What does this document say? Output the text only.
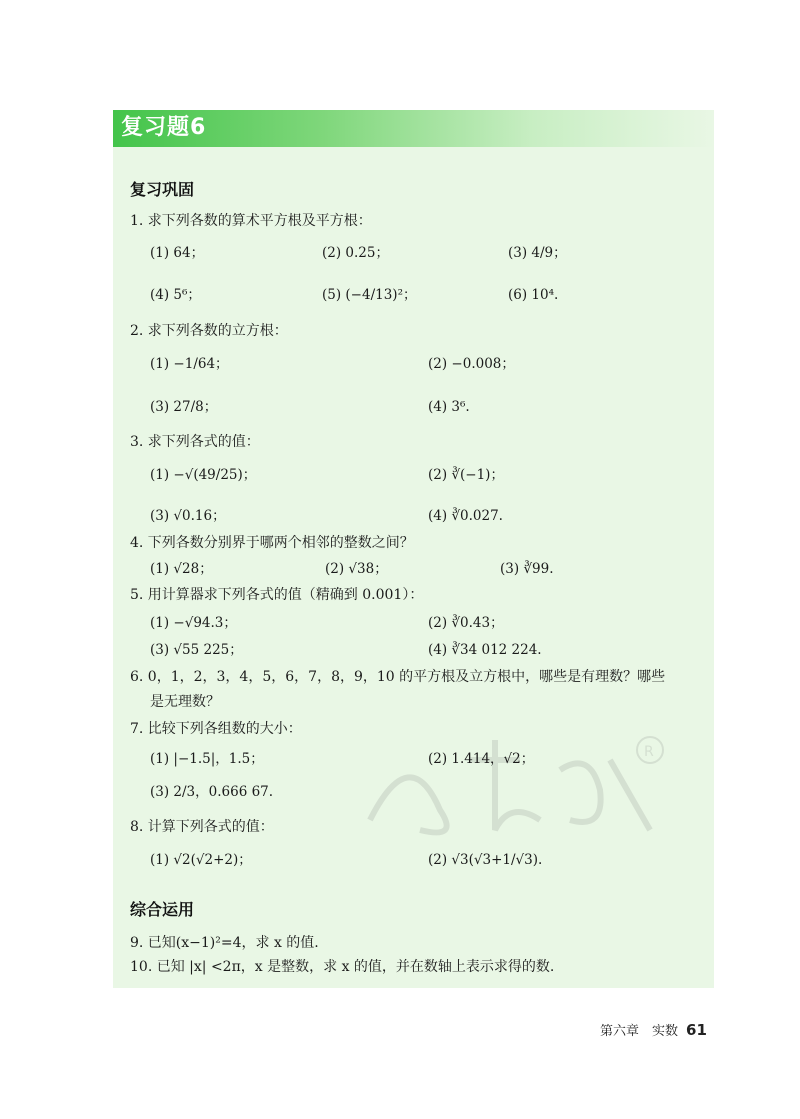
复习题6
R
复习巩固
1. 求下列各数的算术平方根及平方根：
(1) 64；	(2) 0.25；	(3) 4/9；
(4) 5⁶；	(5) (−4/13)²；	(6) 10⁴.
2. 求下列各数的立方根：
(1) −1/64；	(2) −0.008；
(3) 27/8；	(4) 3⁶.
3. 求下列各式的值：
(1) −√(49/25)；	(2) ∛(−1)；
(3) √0.16；	(4) ∛0.027.
4. 下列各数分别界于哪两个相邻的整数之间？
(1) √28；	(2) √38；	(3) ∛99.
5. 用计算器求下列各式的值（精确到 0.001）：
(1) −√94.3；	(2) ∛0.43；
(3) √55 225；	(4) ∛34 012 224.
6. 0，1，2，3，4，5，6，7，8，9，10 的平方根及立方根中，哪些是有理数？哪些
是无理数？
7. 比较下列各组数的大小：
(1) |−1.5|，1.5̇；	(2) 1.414，√2；
(3) 2/3，0.666 67.
8. 计算下列各式的值：
(1) √2(√2+2)；	(2) √3(√3+1/√3).
综合运用
9. 已知(x−1)²=4，求 x 的值.
10. 已知 |x| <2π，x 是整数，求 x 的值，并在数轴上表示求得的数.
第六章　实数 61
